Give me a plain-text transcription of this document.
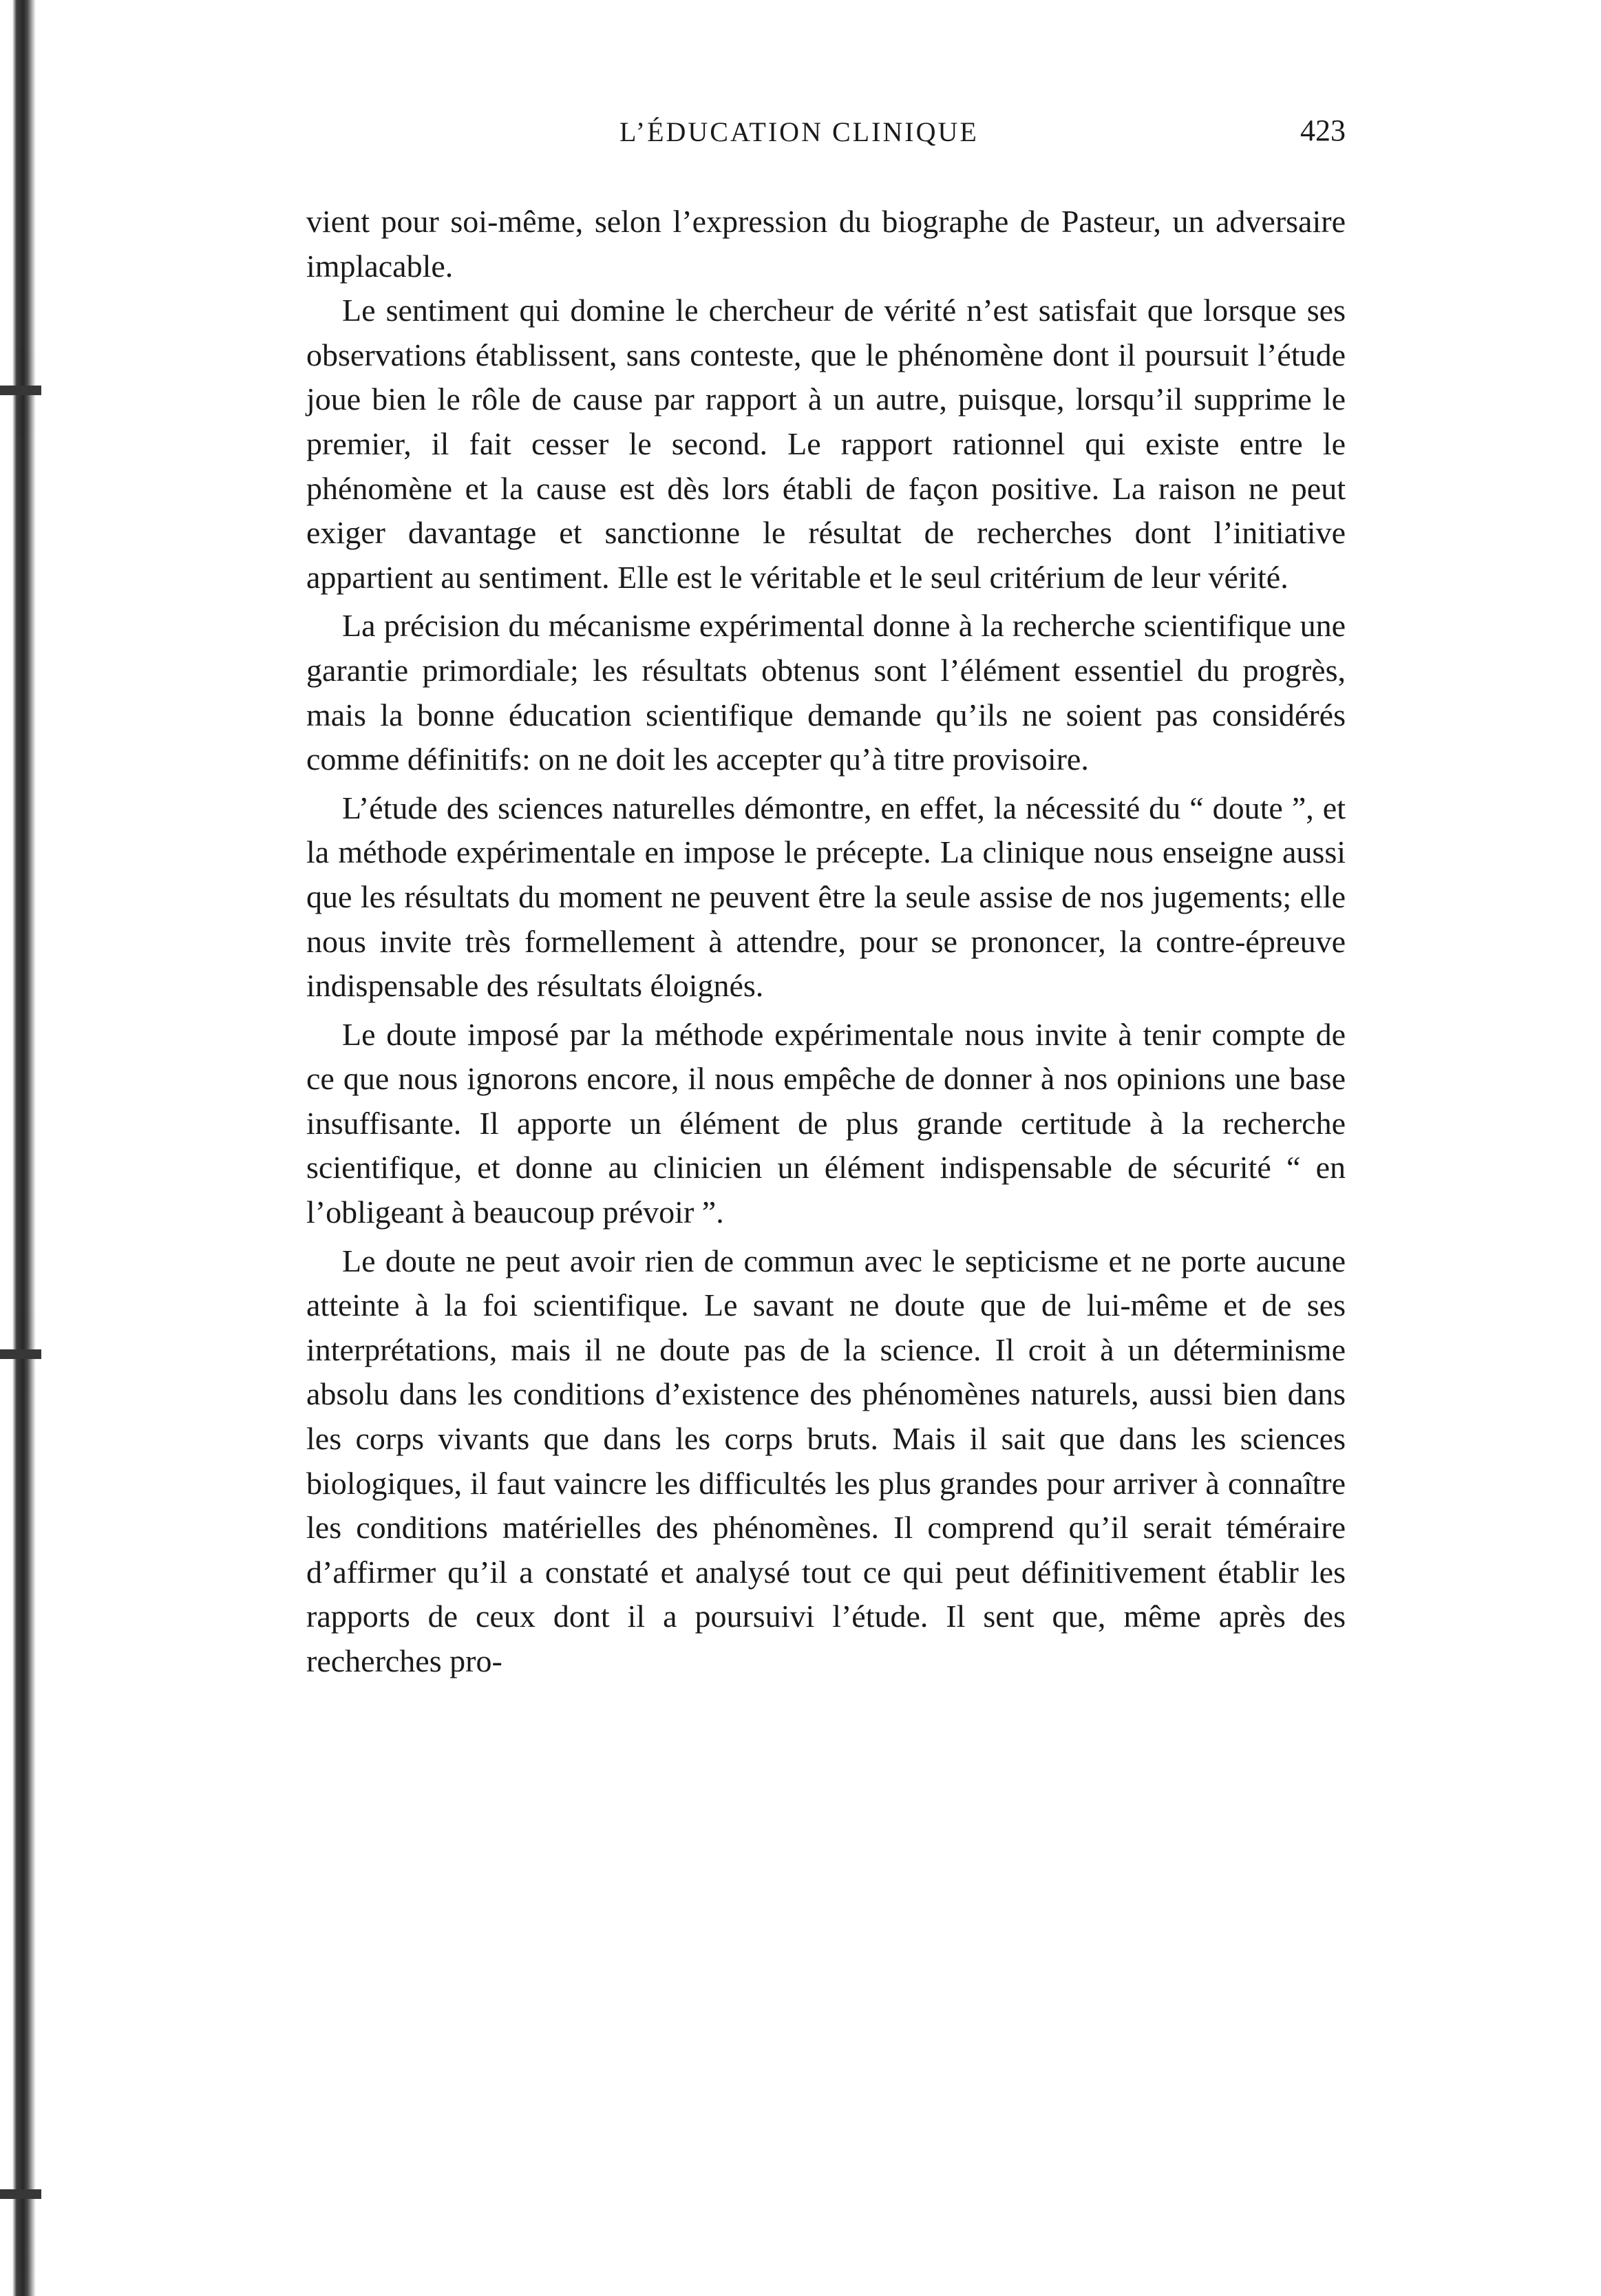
L’ÉDUCATION CLINIQUE	423

vient pour soi-même, selon l’expression du biographe de Pasteur, un adversaire implacable.

Le sentiment qui domine le chercheur de vérité n’est satisfait que lorsque ses observations établissent, sans conteste, que le phénomène dont il poursuit l’étude joue bien le rôle de cause par rapport à un autre, puisque, lorsqu’il supprime le premier, il fait cesser le second. Le rapport rationnel qui existe entre le phénomène et la cause est dès lors établi de façon positive. La raison ne peut exiger davantage et sanctionne le résultat de recherches dont l’initiative appartient au sentiment. Elle est le véritable et le seul critérium de leur vérité.

La précision du mécanisme expérimental donne à la recherche scientifique une garantie primordiale; les résultats obtenus sont l’élément essentiel du progrès, mais la bonne éducation scientifique demande qu’ils ne soient pas considérés comme définitifs: on ne doit les accepter qu’à titre provisoire.

L’étude des sciences naturelles démontre, en effet, la nécessité du “ doute ”, et la méthode expérimentale en impose le précepte. La clinique nous enseigne aussi que les résultats du moment ne peuvent être la seule assise de nos jugements; elle nous invite très formellement à attendre, pour se prononcer, la contre-épreuve indispensable des résultats éloignés.

Le doute imposé par la méthode expérimentale nous invite à tenir compte de ce que nous ignorons encore, il nous empêche de donner à nos opinions une base insuffisante. Il apporte un élément de plus grande certitude à la recherche scientifique, et donne au clinicien un élément indispensable de sécurité “ en l’obligeant à beaucoup prévoir ”.

Le doute ne peut avoir rien de commun avec le septicisme et ne porte aucune atteinte à la foi scientifique. Le savant ne doute que de lui-même et de ses interprétations, mais il ne doute pas de la science. Il croit à un déterminisme absolu dans les conditions d’existence des phénomènes naturels, aussi bien dans les corps vivants que dans les corps bruts. Mais il sait que dans les sciences biologiques, il faut vaincre les difficultés les plus grandes pour arriver à connaître les conditions matérielles des phénomènes. Il comprend qu’il serait téméraire d’affirmer qu’il a constaté et analysé tout ce qui peut définitivement établir les rapports de ceux dont il a poursuivi l’étude. Il sent que, même après des recherches pro-
